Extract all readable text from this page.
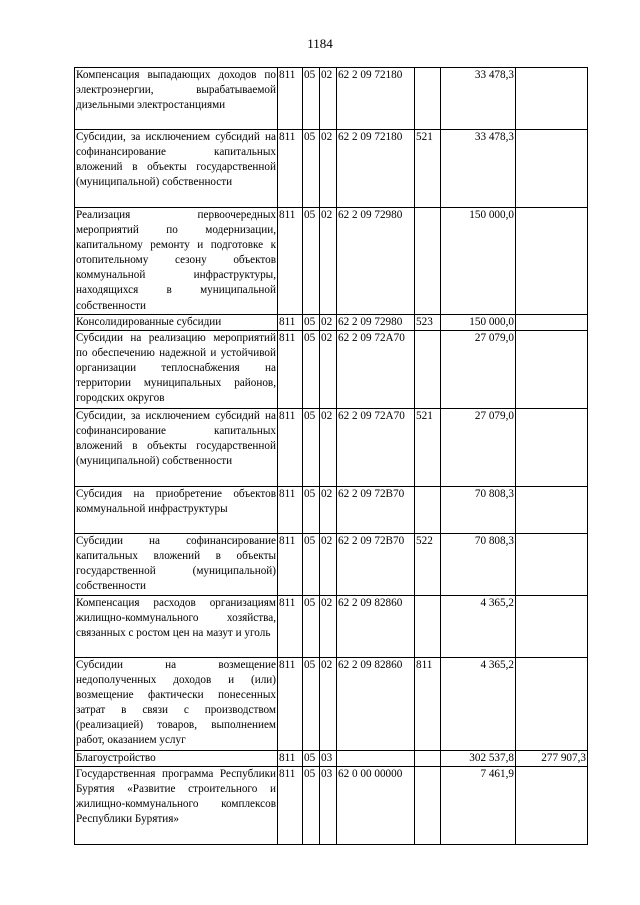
1184
Компенсация выпадающих доходов по электроэнергии, вырабатываемой дизельными электростанциями	811	05	02	62 2 09 72180		33 478,3	
Субсидии, за исключением субсидий на софинансирование капитальных вложений в объекты государственной (муниципальной) собственности	811	05	02	62 2 09 72180	521	33 478,3	
Реализация первоочередных мероприятий по модернизации, капитальному ремонту и подготовке к отопительному сезону объектов коммунальной инфраструктуры, находящихся в муниципальной собственности	811	05	02	62 2 09 72980		150 000,0	
Консолидированные субсидии	811	05	02	62 2 09 72980	523	150 000,0	
Субсидии на реализацию мероприятий по обеспечению надежной и устойчивой организации теплоснабжения на территории муниципальных районов, городских округов	811	05	02	62 2 09 72А70		27 079,0	
Субсидии, за исключением субсидий на софинансирование капитальных вложений в объекты государственной (муниципальной) собственности	811	05	02	62 2 09 72А70	521	27 079,0	
Субсидия на приобретение объектов коммунальной инфраструктуры	811	05	02	62 2 09 72В70		70 808,3	
Субсидии на софинансирование капитальных вложений в объекты государственной (муниципальной) собственности	811	05	02	62 2 09 72В70	522	70 808,3	
Компенсация расходов организациям жилищно-коммунального хозяйства, связанных с ростом цен на мазут и уголь	811	05	02	62 2 09 82860		4 365,2	
Субсидии на возмещение недополученных доходов и (или) возмещение фактически понесенных затрат в связи с производством (реализацией) товаров, выполнением работ, оказанием услуг	811	05	02	62 2 09 82860	811	4 365,2	
Благоустройство	811	05	03			302 537,8	277 907,3
Государственная программа Республики Бурятия «Развитие строительного и жилищно-коммунального комплексов Республики Бурятия»	811	05	03	62 0 00 00000		7 461,9	
